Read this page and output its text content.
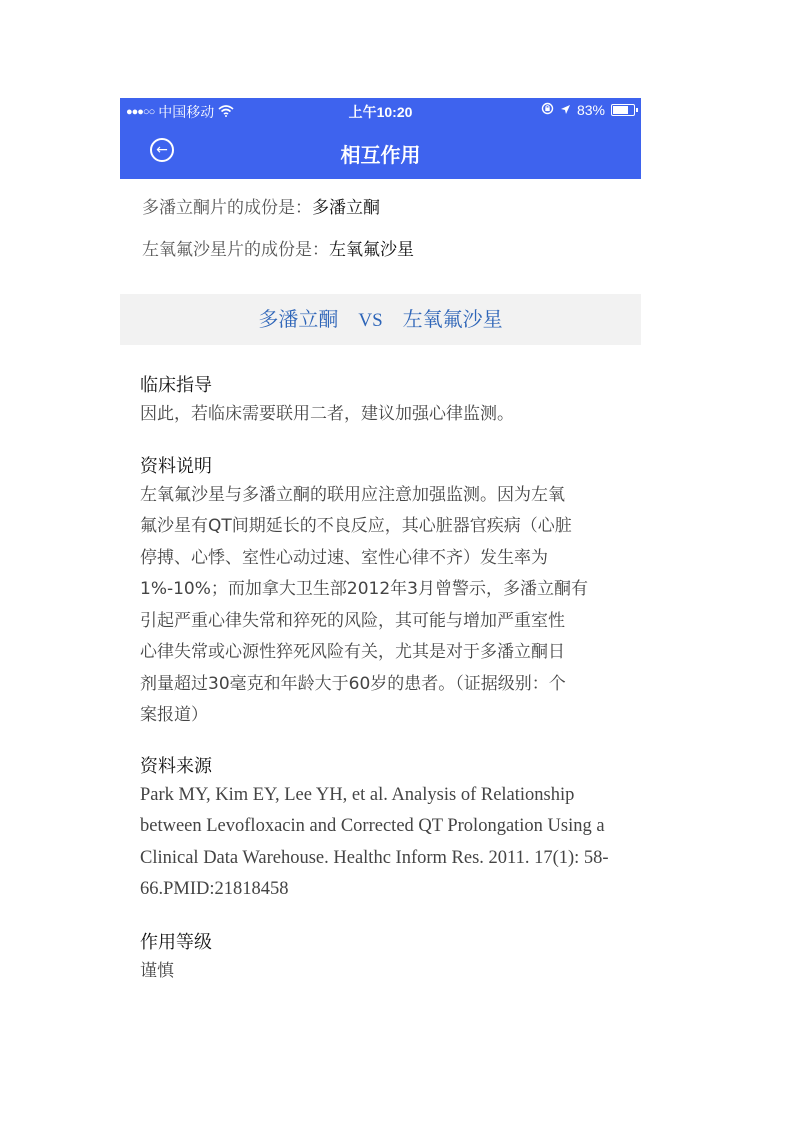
●●●○○ 中国移动	上午10:20	83%
←	相互作用
多潘立酮片的成份是：多潘立酮
左氧氟沙星片的成份是：左氧氟沙星
多潘立酮 VS 左氧氟沙星
临床指导
因此，若临床需要联用二者，建议加强心律监测。
资料说明
左氧氟沙星与多潘立酮的联用应注意加强监测。因为左氧
氟沙星有QT间期延长的不良反应，其心脏器官疾病（心脏
停搏、心悸、室性心动过速、室性心律不齐）发生率为
1%-10%；而加拿大卫生部2012年3月曾警示，多潘立酮有
引起严重心律失常和猝死的风险，其可能与增加严重室性
心律失常或心源性猝死风险有关，尤其是对于多潘立酮日
剂量超过30毫克和年龄大于60岁的患者。（证据级别：个
案报道）
资料来源
Park MY, Kim EY, Lee YH, et al. Analysis of Relationship
between Levofloxacin and Corrected QT Prolongation Using a
Clinical Data Warehouse. Healthc Inform Res. 2011. 17(1): 58-
66.PMID:21818458
作用等级
谨慎
